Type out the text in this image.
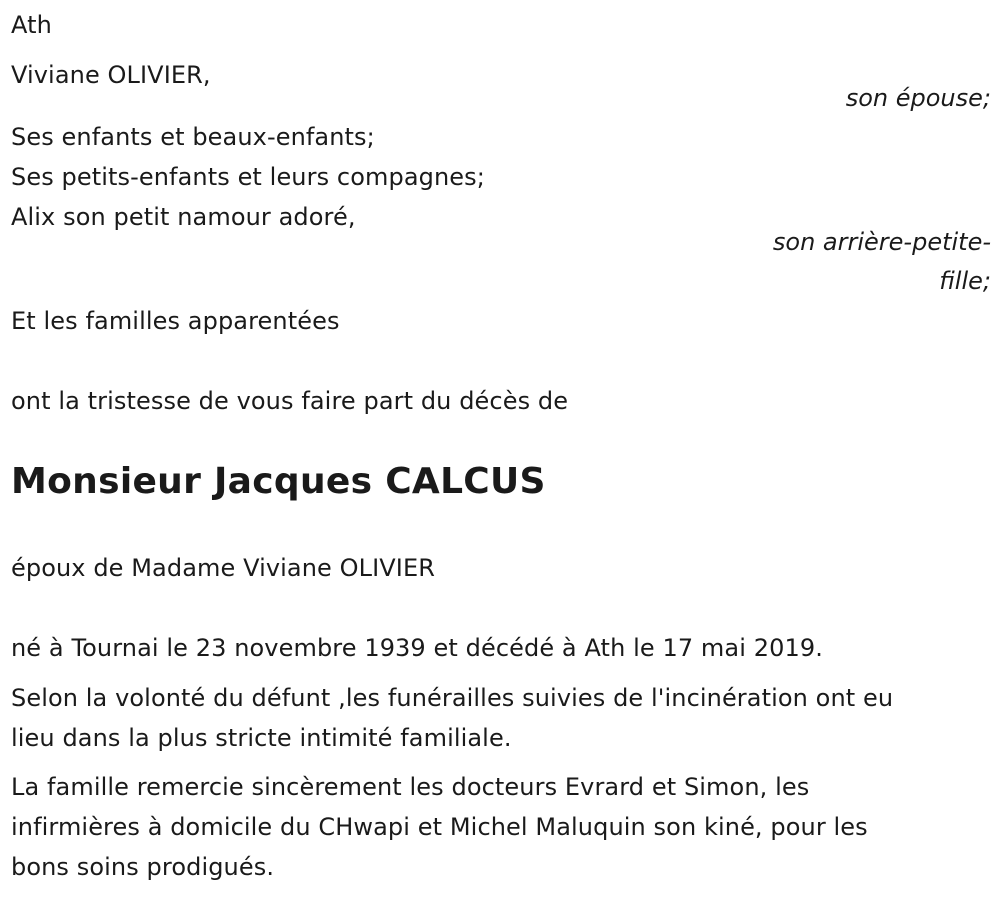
Ath
Viviane OLIVIER,
son épouse;
Ses enfants et beaux-enfants;
Ses petits-enfants et leurs compagnes;
Alix son petit namour adoré,
son arrière-petite-
fille;
Et les familles apparentées
ont la tristesse de vous faire part du décès de
Monsieur Jacques CALCUS
époux de Madame Viviane OLIVIER
né à Tournai le 23 novembre 1939 et décédé à Ath le 17 mai 2019.
Selon la volonté du défunt ,les funérailles suivies de l'incinération ont eu
lieu dans la plus stricte intimité familiale.
La famille remercie sincèrement les docteurs Evrard et Simon, les
infirmières à domicile du CHwapi et Michel Maluquin son kiné, pour les
bons soins prodigués.
